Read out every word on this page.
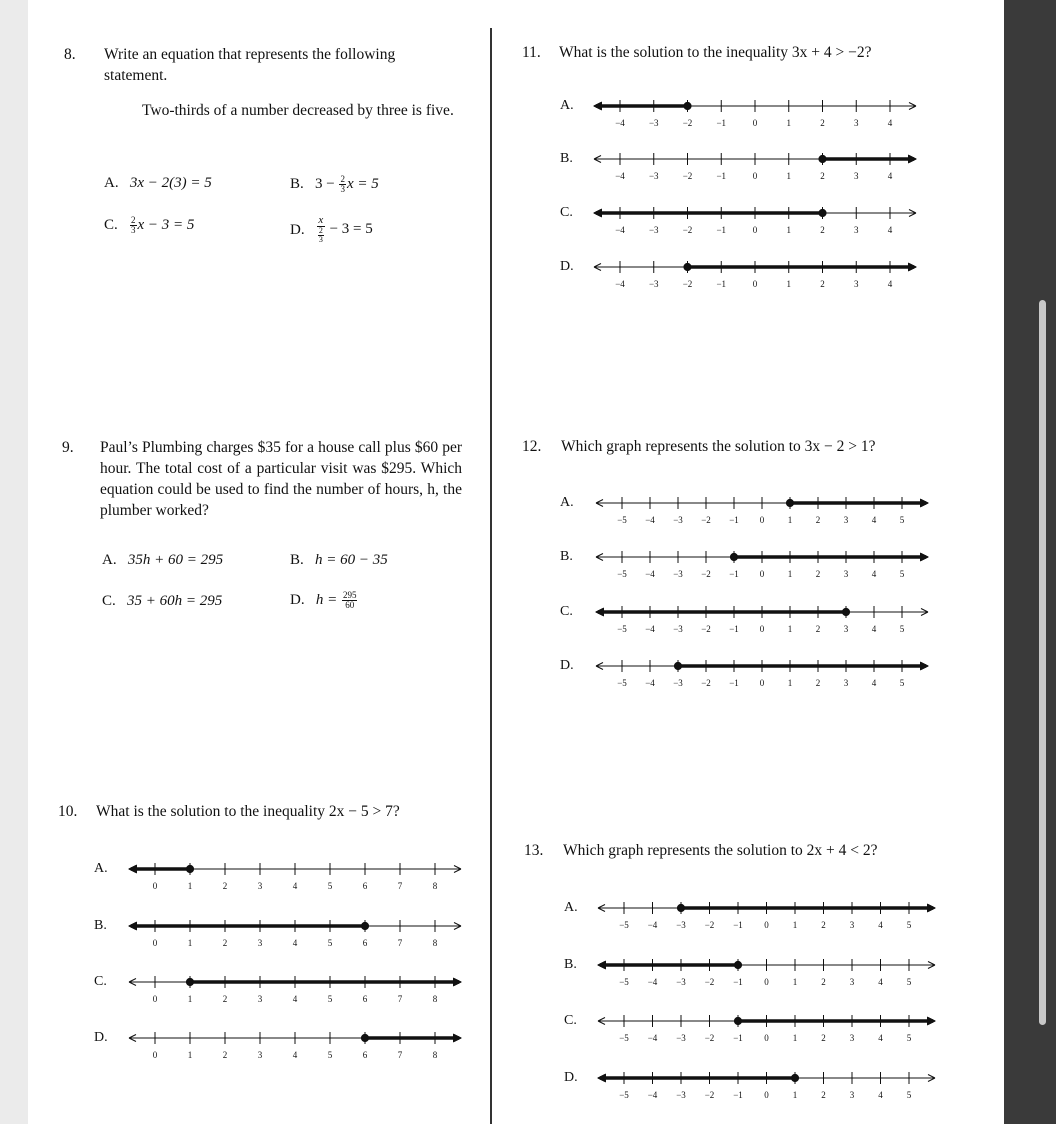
8. Write an equation that represents the following statement.
Two-thirds of a number decreased by three is five.
A. 3x − 2(3) = 5	B. $3 - \frac{2}{3}$ x = 5
C. $\frac{2}{3}$ x − 3 = 5	D. x
2
3 − 3 = 5
9. Paul’s Plumbing charges $35 for a house call plus $60 per hour. The total cost of a particular visit was $295. Which equation could be used to find the number of hours, h, the plumber worked?
A. 35h + 60 = 295	B. h = 60 − 35
C. 35 + 60h = 295	D. $h = \frac{295}{60}$
10. What is the solution to the inequality 2x − 5 > 7?
A.
0	1	2	3	4	5	6	7	8
B.
0	1	2	3	4	5	6	7	8
C.
0	1	2	3	4	5	6	7	8
D.
0	1	2	3	4	5	6	7	8
11. What is the solution to the inequality 3x + 4 > −2?
A.
−4	−3	−2	−1	0	1	2	3	4
B.
−4	−3	−2	−1	0	1	2	3	4
C.
−4	−3	−2	−1	0	1	2	3	4
D.
−4	−3	−2	−1	0	1	2	3	4
12. Which graph represents the solution to 3x − 2 > 1?
A.
−5 −4 −3 −2 −1 0	1	2	3	4	5
B.
−5 −4 −3 −2 −1 0	1	2	3	4	5
C.
−5 −4 −3 −2 −1 0	1	2	3	4	5
D.
−5 −4 −3 −2 −1 0	1	2	3	4	5
13. Which graph represents the solution to 2x + 4 < 2?
A.
−5 −4 −3 −2 −1 0	1	2	3	4	5
B.
−5 −4 −3 −2 −1 0	1	2	3	4	5
C.
−5 −4 −3 −2 −1 0	1	2	3	4	5
D.
−5 −4 −3 −2 −1 0	1	2	3	4	5
